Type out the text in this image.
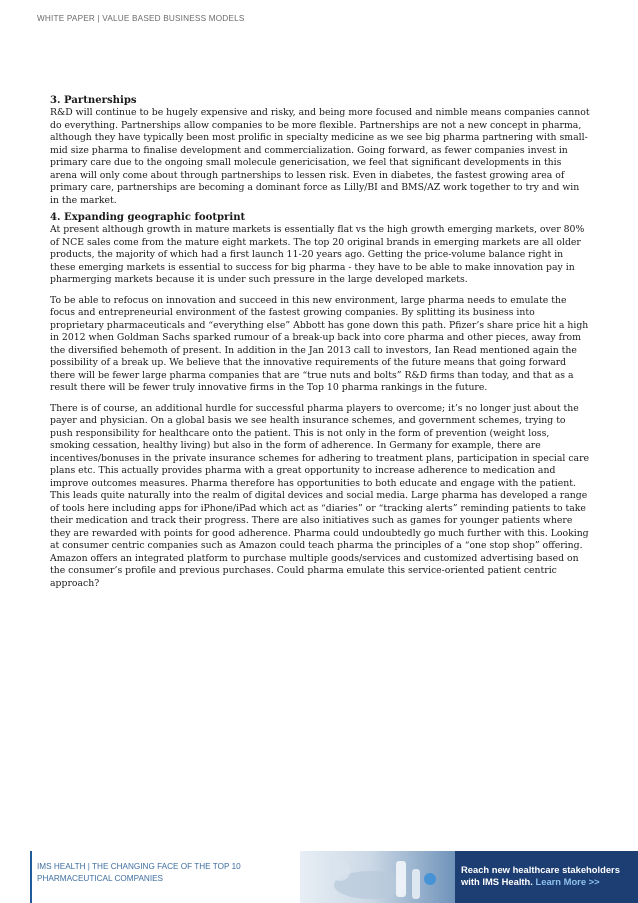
WHITE PAPER | VALUE BASED BUSINESS MODELS
3. Partnerships

R&D will continue to be hugely expensive and risky, and being more focused and nimble means companies cannot do everything. Partnerships allow companies to be more flexible. Partnerships are not a new concept in pharma, although they have typically been most prolific in specialty medicine as we see big pharma partnering with small-mid size pharma to finalise development and commercialization. Going forward, as fewer companies invest in primary care due to the ongoing small molecule genericisation, we feel that significant developments in this arena will only come about through partnerships to lessen risk. Even in diabetes, the fastest growing area of primary care, partnerships are becoming a dominant force as Lilly/BI and BMS/AZ work together to try and win in the market.

4. Expanding geographic footprint

At present although growth in mature markets is essentially flat vs the high growth emerging markets, over 80% of NCE sales come from the mature eight markets. The top 20 original brands in emerging markets are all older products, the majority of which had a first launch 11-20 years ago. Getting the price-volume balance right in these emerging markets is essential to success for big pharma - they have to be able to make innovation pay in pharmerging markets because it is under such pressure in the large developed markets.

To be able to refocus on innovation and succeed in this new environment, large pharma needs to emulate the focus and entrepreneurial environment of the fastest growing companies. By splitting its business into proprietary pharmaceuticals and “everything else” Abbott has gone down this path. Pfizer’s share price hit a high in 2012 when Goldman Sachs sparked rumour of a break-up back into core pharma and other pieces, away from the diversified behemoth of present. In addition in the Jan 2013 call to investors, Ian Read mentioned again the possibility of a break up. We believe that the innovative requirements of the future means that going forward there will be fewer large pharma companies that are “true nuts and bolts” R&D firms than today, and that as a result there will be fewer truly innovative firms in the Top 10 pharma rankings in the future.

There is of course, an additional hurdle for successful pharma players to overcome; it’s no longer just about the payer and physician. On a global basis we see health insurance schemes, and government schemes, trying to push responsibility for healthcare onto the patient. This is not only in the form of prevention (weight loss, smoking cessation, healthy living) but also in the form of adherence. In Germany for example, there are incentives/bonuses in the private insurance schemes for adhering to treatment plans, participation in special care plans etc. This actually provides pharma with a great opportunity to increase adherence to medication and improve outcomes measures. Pharma therefore has opportunities to both educate and engage with the patient. This leads quite naturally into the realm of digital devices and social media. Large pharma has developed a range of tools here including apps for iPhone/iPad which act as “diaries” or “tracking alerts” reminding patients to take their medication and track their progress. There are also initiatives such as games for younger patients where they are rewarded with points for good adherence. Pharma could undoubtedly go much further with this. Looking at consumer centric companies such as Amazon could teach pharma the principles of a “one stop shop” offering. Amazon offers an integrated platform to purchase multiple goods/services and customized advertising based on the consumer’s profile and previous purchases. Could pharma emulate this service-oriented patient centric approach?

IMS HEALTH | THE CHANGING FACE OF THE TOP 10
PHARMACEUTICAL COMPANIES
Reach new healthcare stakeholders
with IMS Health. Learn More >>
